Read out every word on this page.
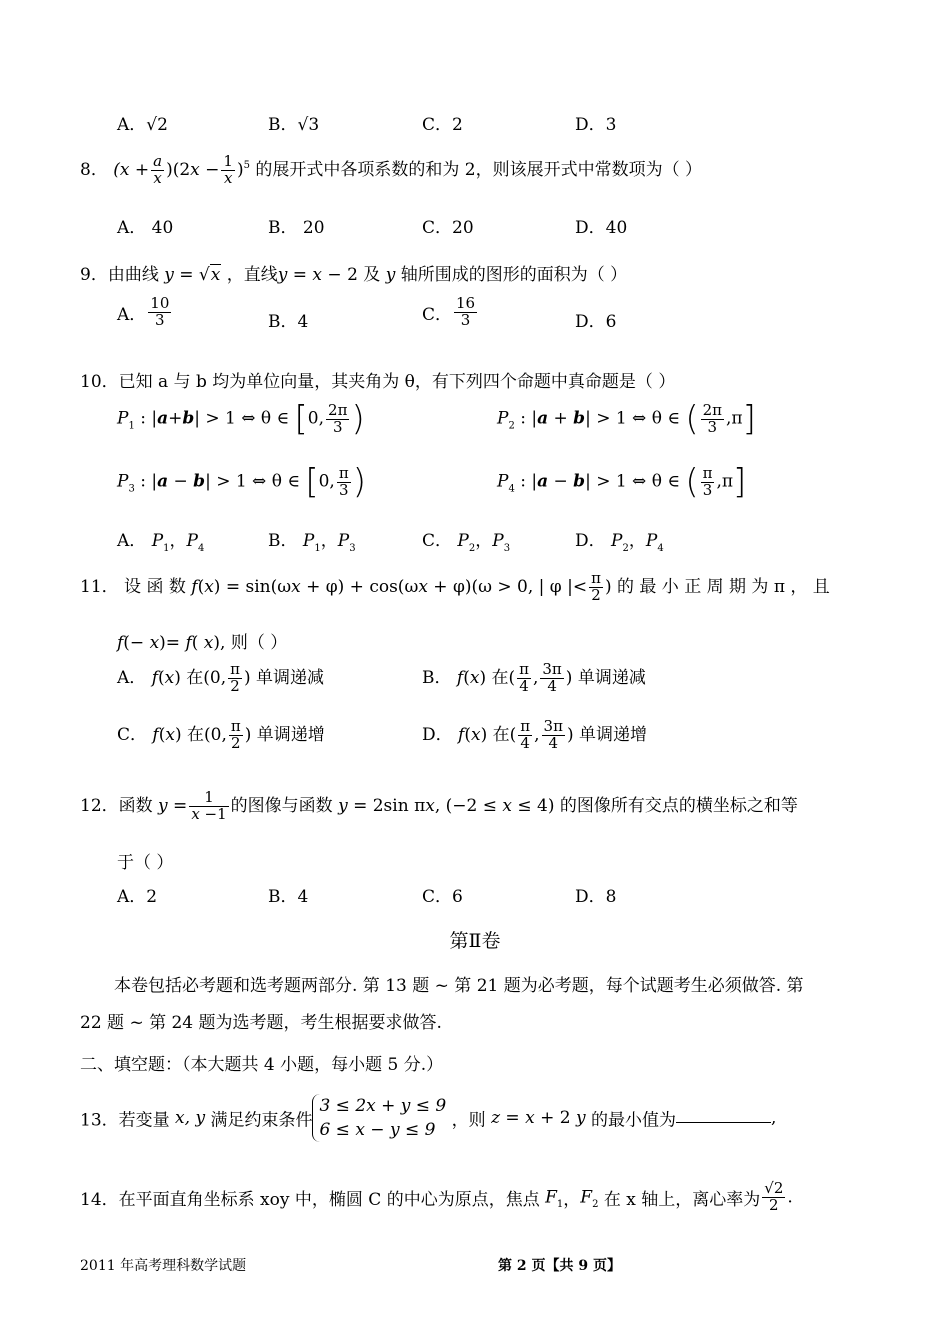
A．√2	B．√3	C．2	D．3
8． $(x + \frac{a}{x} )(2x - \frac{1}{x} )^5$ 的展开式中各项系数的和为 2，则该展开式中常数项为（ ）
A． 40	B． 20	C．20	D．40
9．由曲线 y = √x ，直线y = x − 2 及 y 轴所围成的图形的面积为（ ）
A． $\frac{10}{3}$	B．4	C． $\frac{16}{3}$	D．6
10．已知 a 与 b 均为单位向量，其夹角为 θ，有下列四个命题中真命题是（ ）
$P_1$ : |a+b| > 1 ⇔ θ ∈ [0, $\frac{2\pi}{3}$ )	$P_2$ : |a + b| > 1 ⇔ θ ∈ ( $\frac{2\pi}{3} ,\pi$]
$P_3$ : |a − b| > 1 ⇔ θ ∈ [0, $\frac{\pi}{3}$ )	$P_4$ : |a − b| > 1 ⇔ θ ∈ ( $\frac{\pi}{3} ,\pi$]
A． $P_1$，$P_4$	B． $P_1$，$P_3$	C． $P_2$，$P_3$	D． $P_2$，$P_4$
11． 设 函 数 f(x) = sin(ωx + φ) + cos(ωx + φ)(ω > 0, | φ |< $\frac{\pi}{2}$ ) 的 最 小 正 周 期 为 π ， 且
f(− x)= f( x), 则（ ）
A． f(x) 在(0, $\frac{\pi}{2}$ ) 单调递减	B． f(x) 在( $\frac{\pi}{4}$ , $\frac{3\pi}{4}$ ) 单调递减
C． f(x) 在(0, $\frac{\pi}{2}$ ) 单调递增	D． f(x) 在( $\frac{\pi}{4}$ , $\frac{3\pi}{4}$ ) 单调递增
12．函数 $y = \frac{1}{x -1}$ 的图像与函数 y = 2sin πx, (−2 ≤ x ≤ 4) 的图像所有交点的横坐标之和等
于（ ）
A．2	B．4	C．6	D．8
第Ⅱ卷
本卷包括必考题和选考题两部分. 第 13 题 ~ 第 21 题为必考题，每个试题考生必须做答. 第 22 题 ~ 第 24 题为选考题，考生根据要求做答.
二、填空题：（本大题共 4 小题，每小题 5 分.）
13．若变量 x, y 满足约束条件
3 ≤ 2x + y ≤ 9
6 ≤ x − y ≤ 9 ，则 z = x + 2 y 的最小值为	,
14．在平面直角坐标系 xoy 中，椭圆 C 的中心为原点，焦点 $F_1$，$F_2$ 在 x 轴上，离心率为 $\frac{√2}{2}$ .
2011 年高考理科数学试题	第 2 页【共 9 页】
